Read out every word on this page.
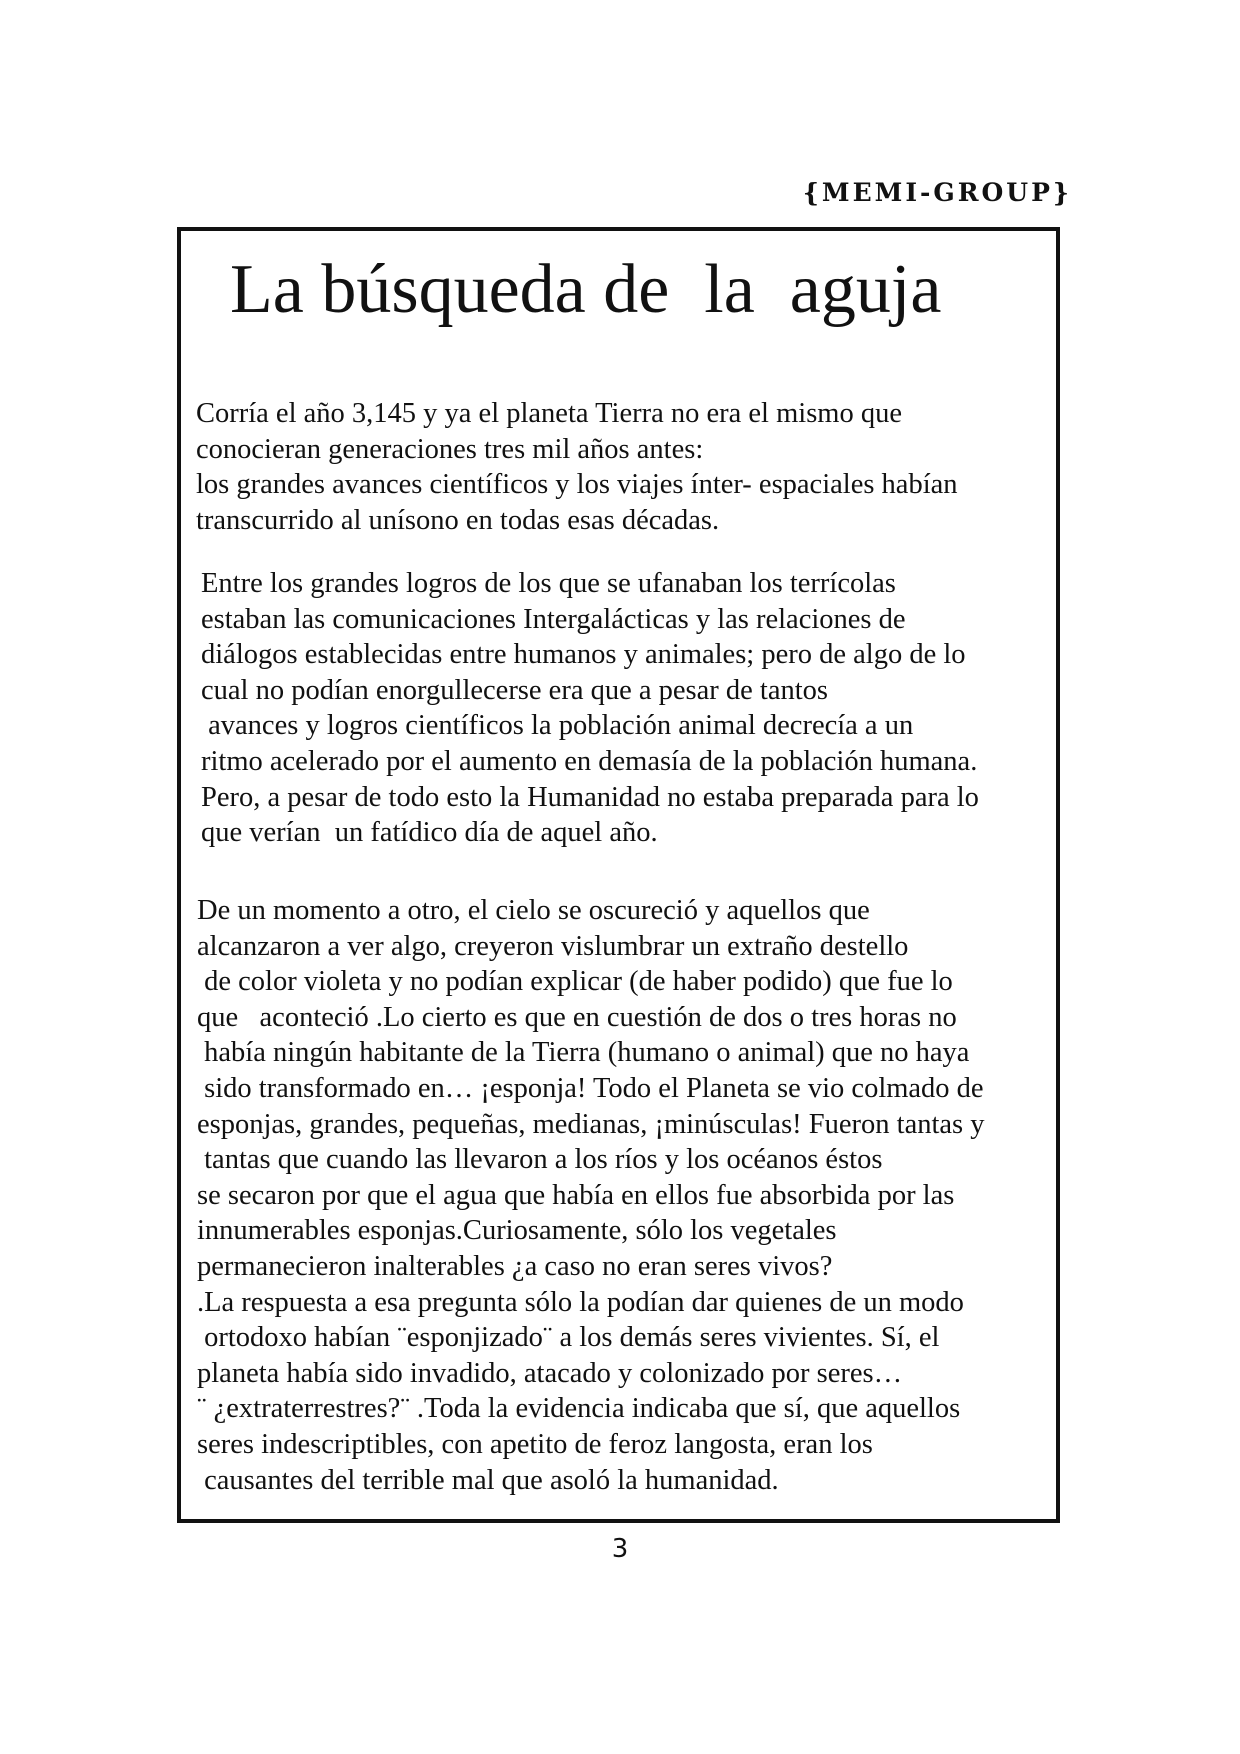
{MEMI-GROUP}
La búsqueda de  la  aguja
Corría el año 3,145 y ya el planeta Tierra no era el mismo que
conocieran generaciones tres mil años antes:
los grandes avances científicos y los viajes ínter- espaciales habían
transcurrido al unísono en todas esas décadas.
Entre los grandes logros de los que se ufanaban los terrícolas
estaban las comunicaciones Intergalácticas y las relaciones de
diálogos establecidas entre humanos y animales; pero de algo de lo
cual no podían enorgullecerse era que a pesar de tantos
avances y logros científicos la población animal decrecía a un
ritmo acelerado por el aumento en demasía de la población humana.
Pero, a pesar de todo esto la Humanidad no estaba preparada para lo
que verían  un fatídico día de aquel año.
De un momento a otro, el cielo se oscureció y aquellos que
alcanzaron a ver algo, creyeron vislumbrar un extraño destello
de color violeta y no podían explicar (de haber podido) que fue lo
que   aconteció .Lo cierto es que en cuestión de dos o tres horas no
había ningún habitante de la Tierra (humano o animal) que no haya
sido transformado en… ¡esponja! Todo el Planeta se vio colmado de
esponjas, grandes, pequeñas, medianas, ¡minúsculas! Fueron tantas y
tantas que cuando las llevaron a los ríos y los océanos éstos
se secaron por que el agua que había en ellos fue absorbida por las
innumerables esponjas.Curiosamente, sólo los vegetales
permanecieron inalterables ¿a caso no eran seres vivos?
.La respuesta a esa pregunta sólo la podían dar quienes de un modo
ortodoxo habían ¨esponjizado¨ a los demás seres vivientes. Sí, el
planeta había sido invadido, atacado y colonizado por seres…
¨ ¿extraterrestres?¨ .Toda la evidencia indicaba que sí, que aquellos
seres indescriptibles, con apetito de feroz langosta, eran los
causantes del terrible mal que asoló la humanidad.
3
